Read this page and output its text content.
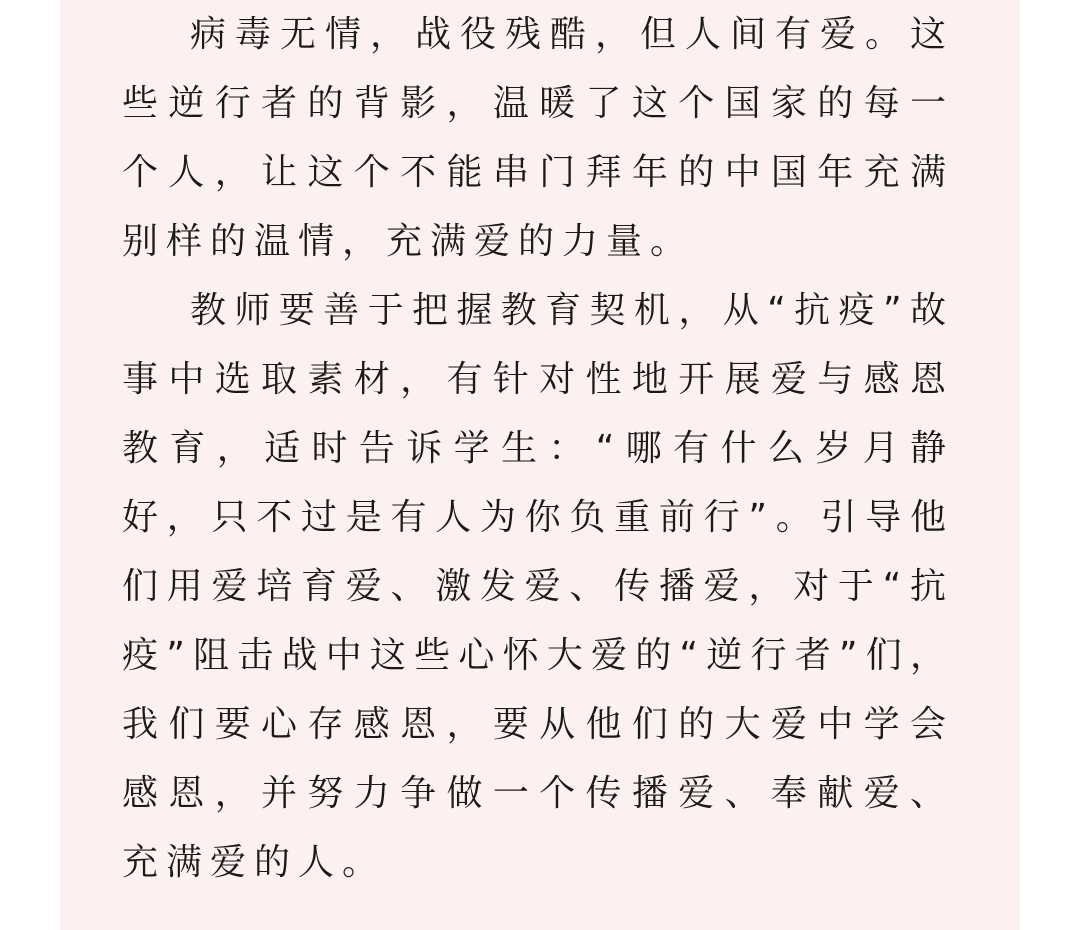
病毒无情，战役残酷，但人间有爱。这些逆行者的背影，温暖了这个国家的每一个人，让这个不能串门拜年的中国年充满别样的温情，充满爱的力量。

教师要善于把握教育契机，从“抗疫”故事中选取素材，有针对性地开展爱与感恩教育，适时告诉学生：“哪有什么岁月静好，只不过是有人为你负重前行”。引导他们用爱培育爱、激发爱、传播爱，对于“抗疫”阻击战中这些心怀大爱的“逆行者”们，我们要心存感恩，要从他们的大爱中学会感恩，并努力争做一个传播爱、奉献爱、充满爱的人。
